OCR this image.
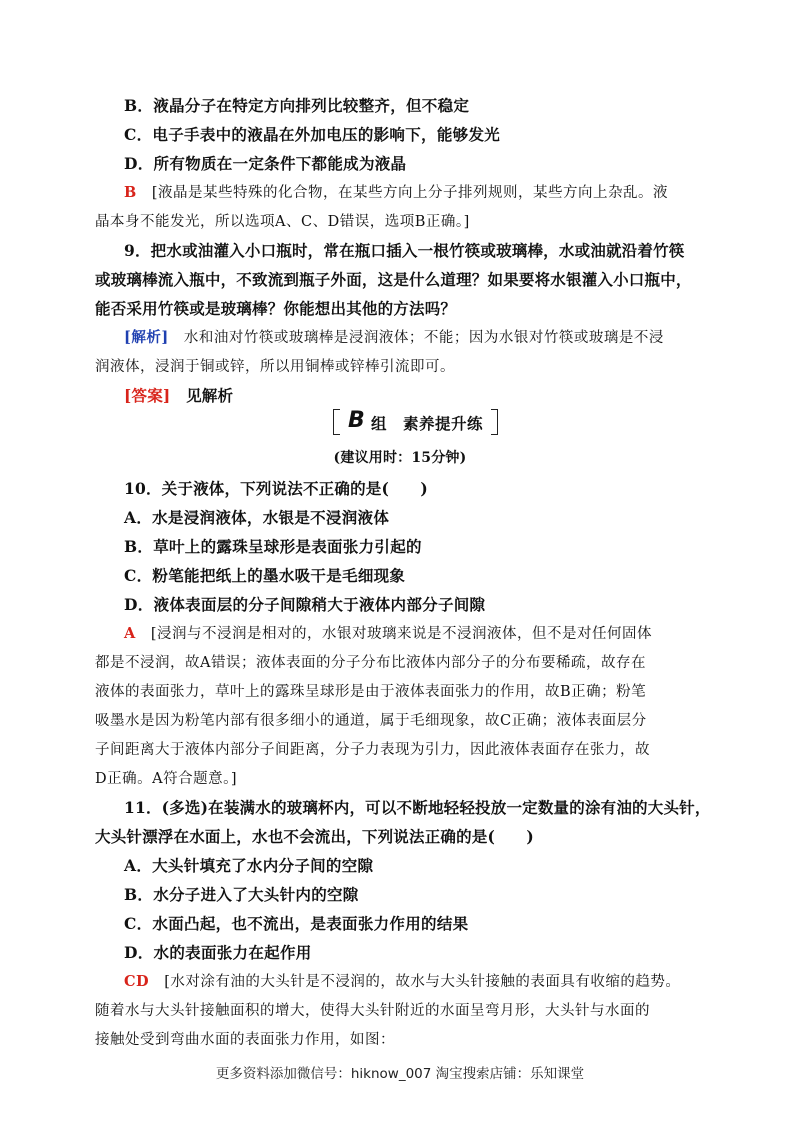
B．液晶分子在特定方向排列比较整齐，但不稳定
C．电子手表中的液晶在外加电压的影响下，能够发光
D．所有物质在一定条件下都能成为液晶
B [液晶是某些特殊的化合物，在某些方向上分子排列规则，某些方向上杂乱。液
晶本身不能发光，所以选项A、C、D错误，选项B正确。]
9．把水或油灌入小口瓶时，常在瓶口插入一根竹筷或玻璃棒，水或油就沿着竹筷
或玻璃棒流入瓶中，不致流到瓶子外面，这是什么道理？如果要将水银灌入小口瓶中，
能否采用竹筷或是玻璃棒？你能想出其他的方法吗？
[解析] 水和油对竹筷或玻璃棒是浸润液体；不能；因为水银对竹筷或玻璃是不浸
润液体，浸润于铜或锌，所以用铜棒或锌棒引流即可。
[答案] 见解析
B 组　素养提升练
(建议用时：15分钟)
10．关于液体，下列说法不正确的是(　　)
A．水是浸润液体，水银是不浸润液体
B．草叶上的露珠呈球形是表面张力引起的
C．粉笔能把纸上的墨水吸干是毛细现象
D．液体表面层的分子间隙稍大于液体内部分子间隙
A [浸润与不浸润是相对的，水银对玻璃来说是不浸润液体，但不是对任何固体
都是不浸润，故A错误；液体表面的分子分布比液体内部分子的分布要稀疏，故存在
液体的表面张力，草叶上的露珠呈球形是由于液体表面张力的作用，故B正确；粉笔
吸墨水是因为粉笔内部有很多细小的通道，属于毛细现象，故C正确；液体表面层分
子间距离大于液体内部分子间距离，分子力表现为引力，因此液体表面存在张力，故
D正确。A符合题意。]
11．(多选)在装满水的玻璃杯内，可以不断地轻轻投放一定数量的涂有油的大头针，
大头针漂浮在水面上，水也不会流出，下列说法正确的是(　　)
A．大头针填充了水内分子间的空隙
B．水分子进入了大头针内的空隙
C．水面凸起，也不流出，是表面张力作用的结果
D．水的表面张力在起作用
CD [水对涂有油的大头针是不浸润的，故水与大头针接触的表面具有收缩的趋势。
随着水与大头针接触面积的增大，使得大头针附近的水面呈弯月形，大头针与水面的
接触处受到弯曲水面的表面张力作用，如图：
更多资料添加微信号：hiknow_007 淘宝搜索店铺：乐知课堂
